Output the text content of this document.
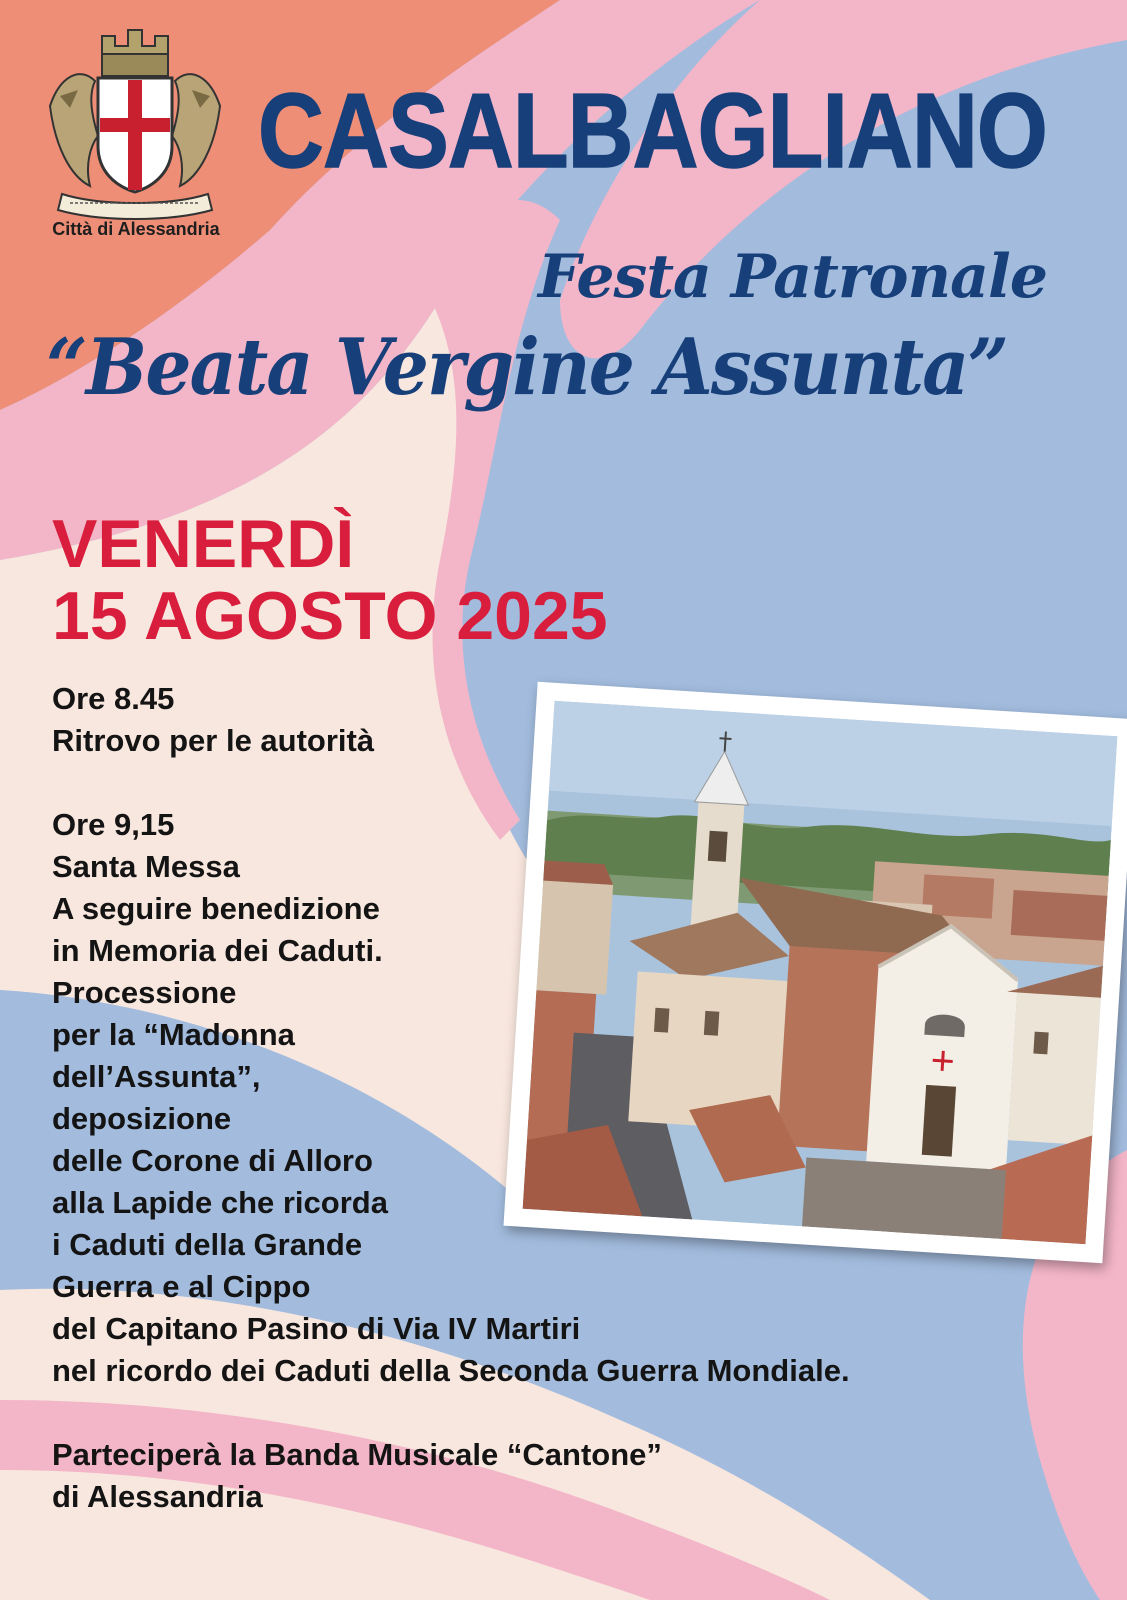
Città di Alessandria
CASALBAGLIANO
Festa Patronale
“Beata Vergine Assunta”
VENERDÌ
15 AGOSTO 2025
Ore 8.45
Ritrovo per le autorità
Ore 9,15
Santa Messa
A seguire benedizione
in Memoria dei Caduti.
Processione
per la “Madonna
dell’Assunta”,
deposizione
delle Corone di Alloro
alla Lapide che ricorda
i Caduti della Grande
Guerra e al Cippo
del Capitano Pasino di Via IV Martiri
nel ricordo dei Caduti della Seconda Guerra Mondiale.
Parteciperà la Banda Musicale “Cantone”
di Alessandria
